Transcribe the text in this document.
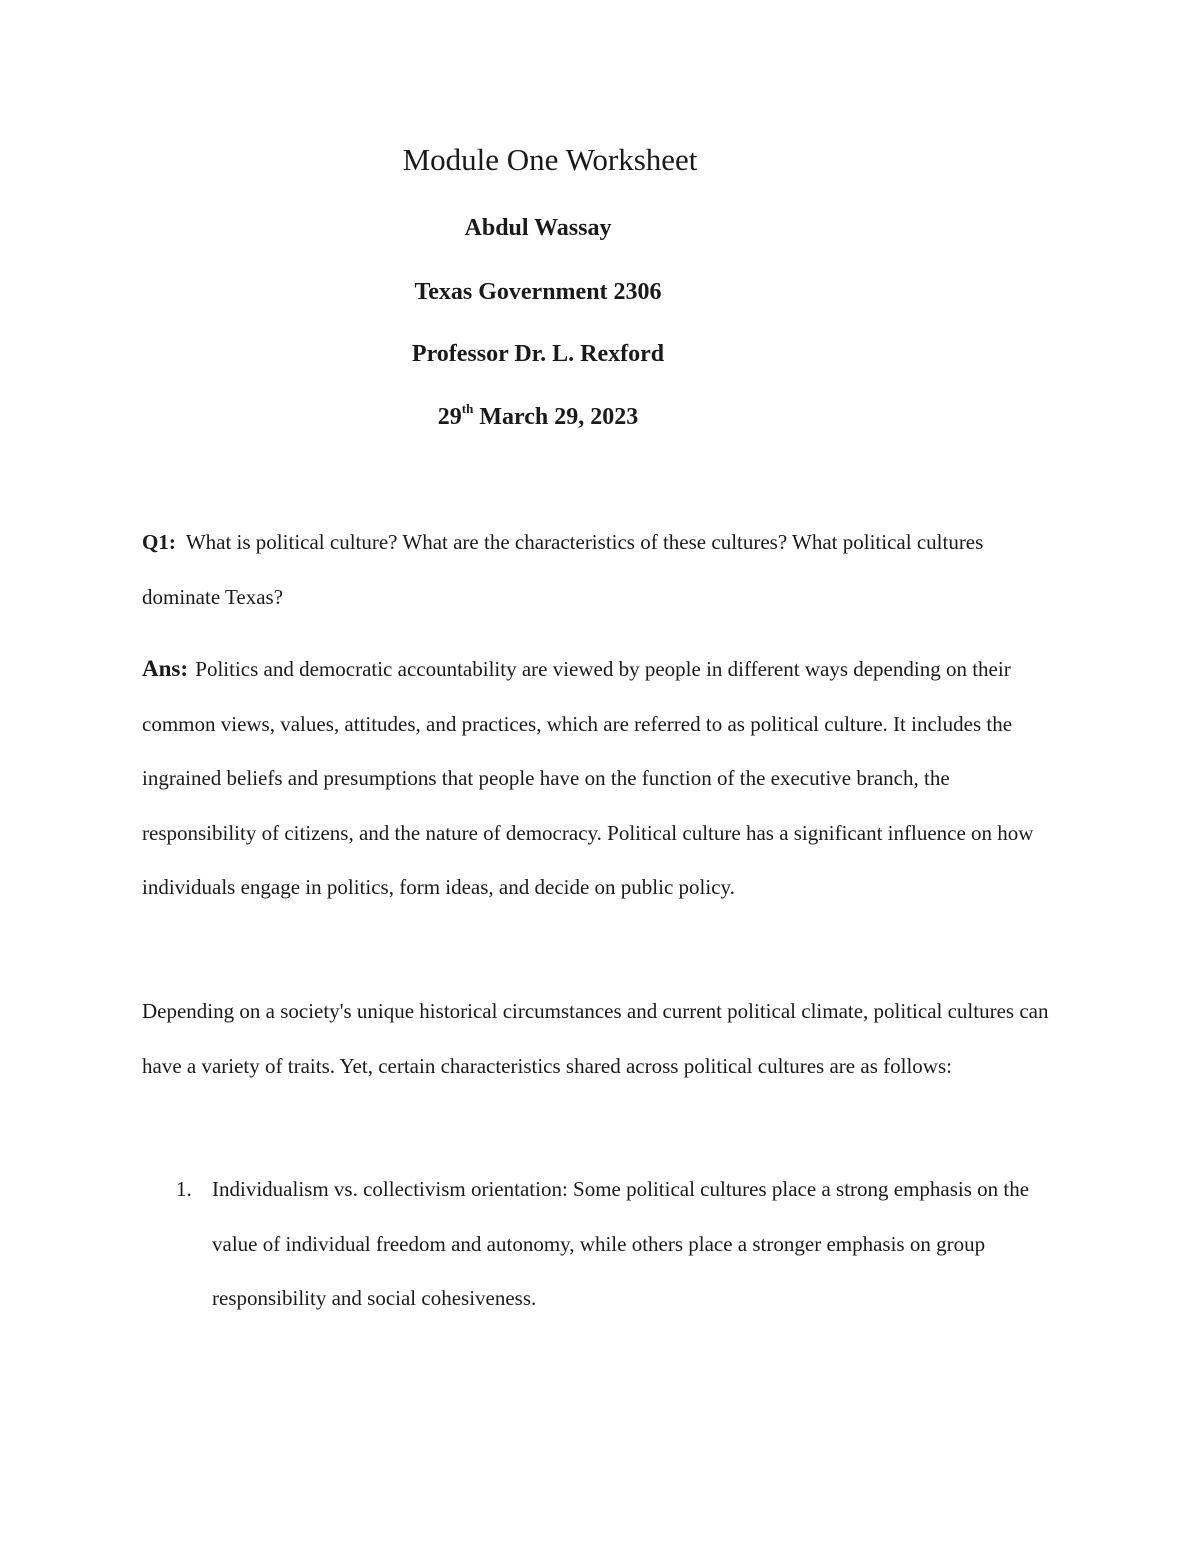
Module One Worksheet
Abdul Wassay
Texas Government 2306
Professor Dr. L. Rexford
29th March 29, 2023
Q1: What is political culture? What are the characteristics of these cultures? What political cultures dominate Texas?
Ans: Politics and democratic accountability are viewed by people in different ways depending on their common views, values, attitudes, and practices, which are referred to as political culture. It includes the ingrained beliefs and presumptions that people have on the function of the executive branch, the responsibility of citizens, and the nature of democracy. Political culture has a significant influence on how individuals engage in politics, form ideas, and decide on public policy.
Depending on a society's unique historical circumstances and current political climate, political cultures can have a variety of traits. Yet, certain characteristics shared across political cultures are as follows:
1. Individualism vs. collectivism orientation: Some political cultures place a strong emphasis on the value of individual freedom and autonomy, while others place a stronger emphasis on group responsibility and social cohesiveness.
